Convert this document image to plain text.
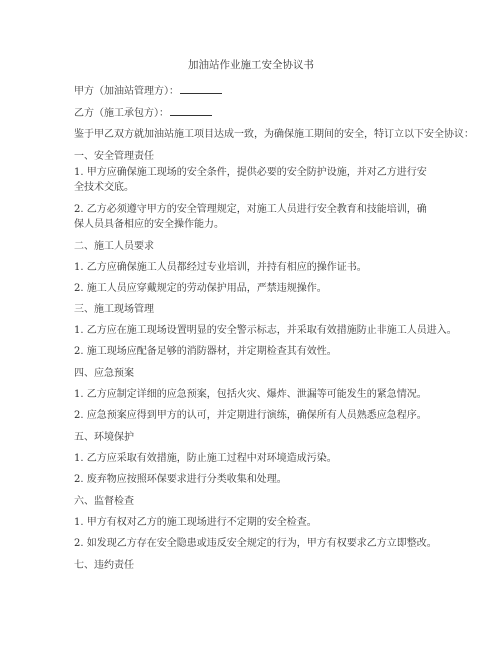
加油站作业施工安全协议书
甲方（加油站管理方）：
乙方（施工承包方）：
鉴于甲乙双方就加油站施工项目达成一致，为确保施工期间的安全，特订立以下安全协议：
一、安全管理责任
1. 甲方应确保施工现场的安全条件，提供必要的安全防护设施，并对乙方进行安全技术交底。
2. 乙方必须遵守甲方的安全管理规定，对施工人员进行安全教育和技能培训，确保人员具备相应的安全操作能力。
二、施工人员要求
1. 乙方应确保施工人员都经过专业培训，并持有相应的操作证书。
2. 施工人员应穿戴规定的劳动保护用品，严禁违规操作。
三、施工现场管理
1. 乙方应在施工现场设置明显的安全警示标志，并采取有效措施防止非施工人员进入。
2. 施工现场应配备足够的消防器材，并定期检查其有效性。
四、应急预案
1. 乙方应制定详细的应急预案，包括火灾、爆炸、泄漏等可能发生的紧急情况。
2. 应急预案应得到甲方的认可，并定期进行演练，确保所有人员熟悉应急程序。
五、环境保护
1. 乙方应采取有效措施，防止施工过程中对环境造成污染。
2. 废弃物应按照环保要求进行分类收集和处理。
六、监督检查
1. 甲方有权对乙方的施工现场进行不定期的安全检查。
2. 如发现乙方存在安全隐患或违反安全规定的行为，甲方有权要求乙方立即整改。
七、违约责任
